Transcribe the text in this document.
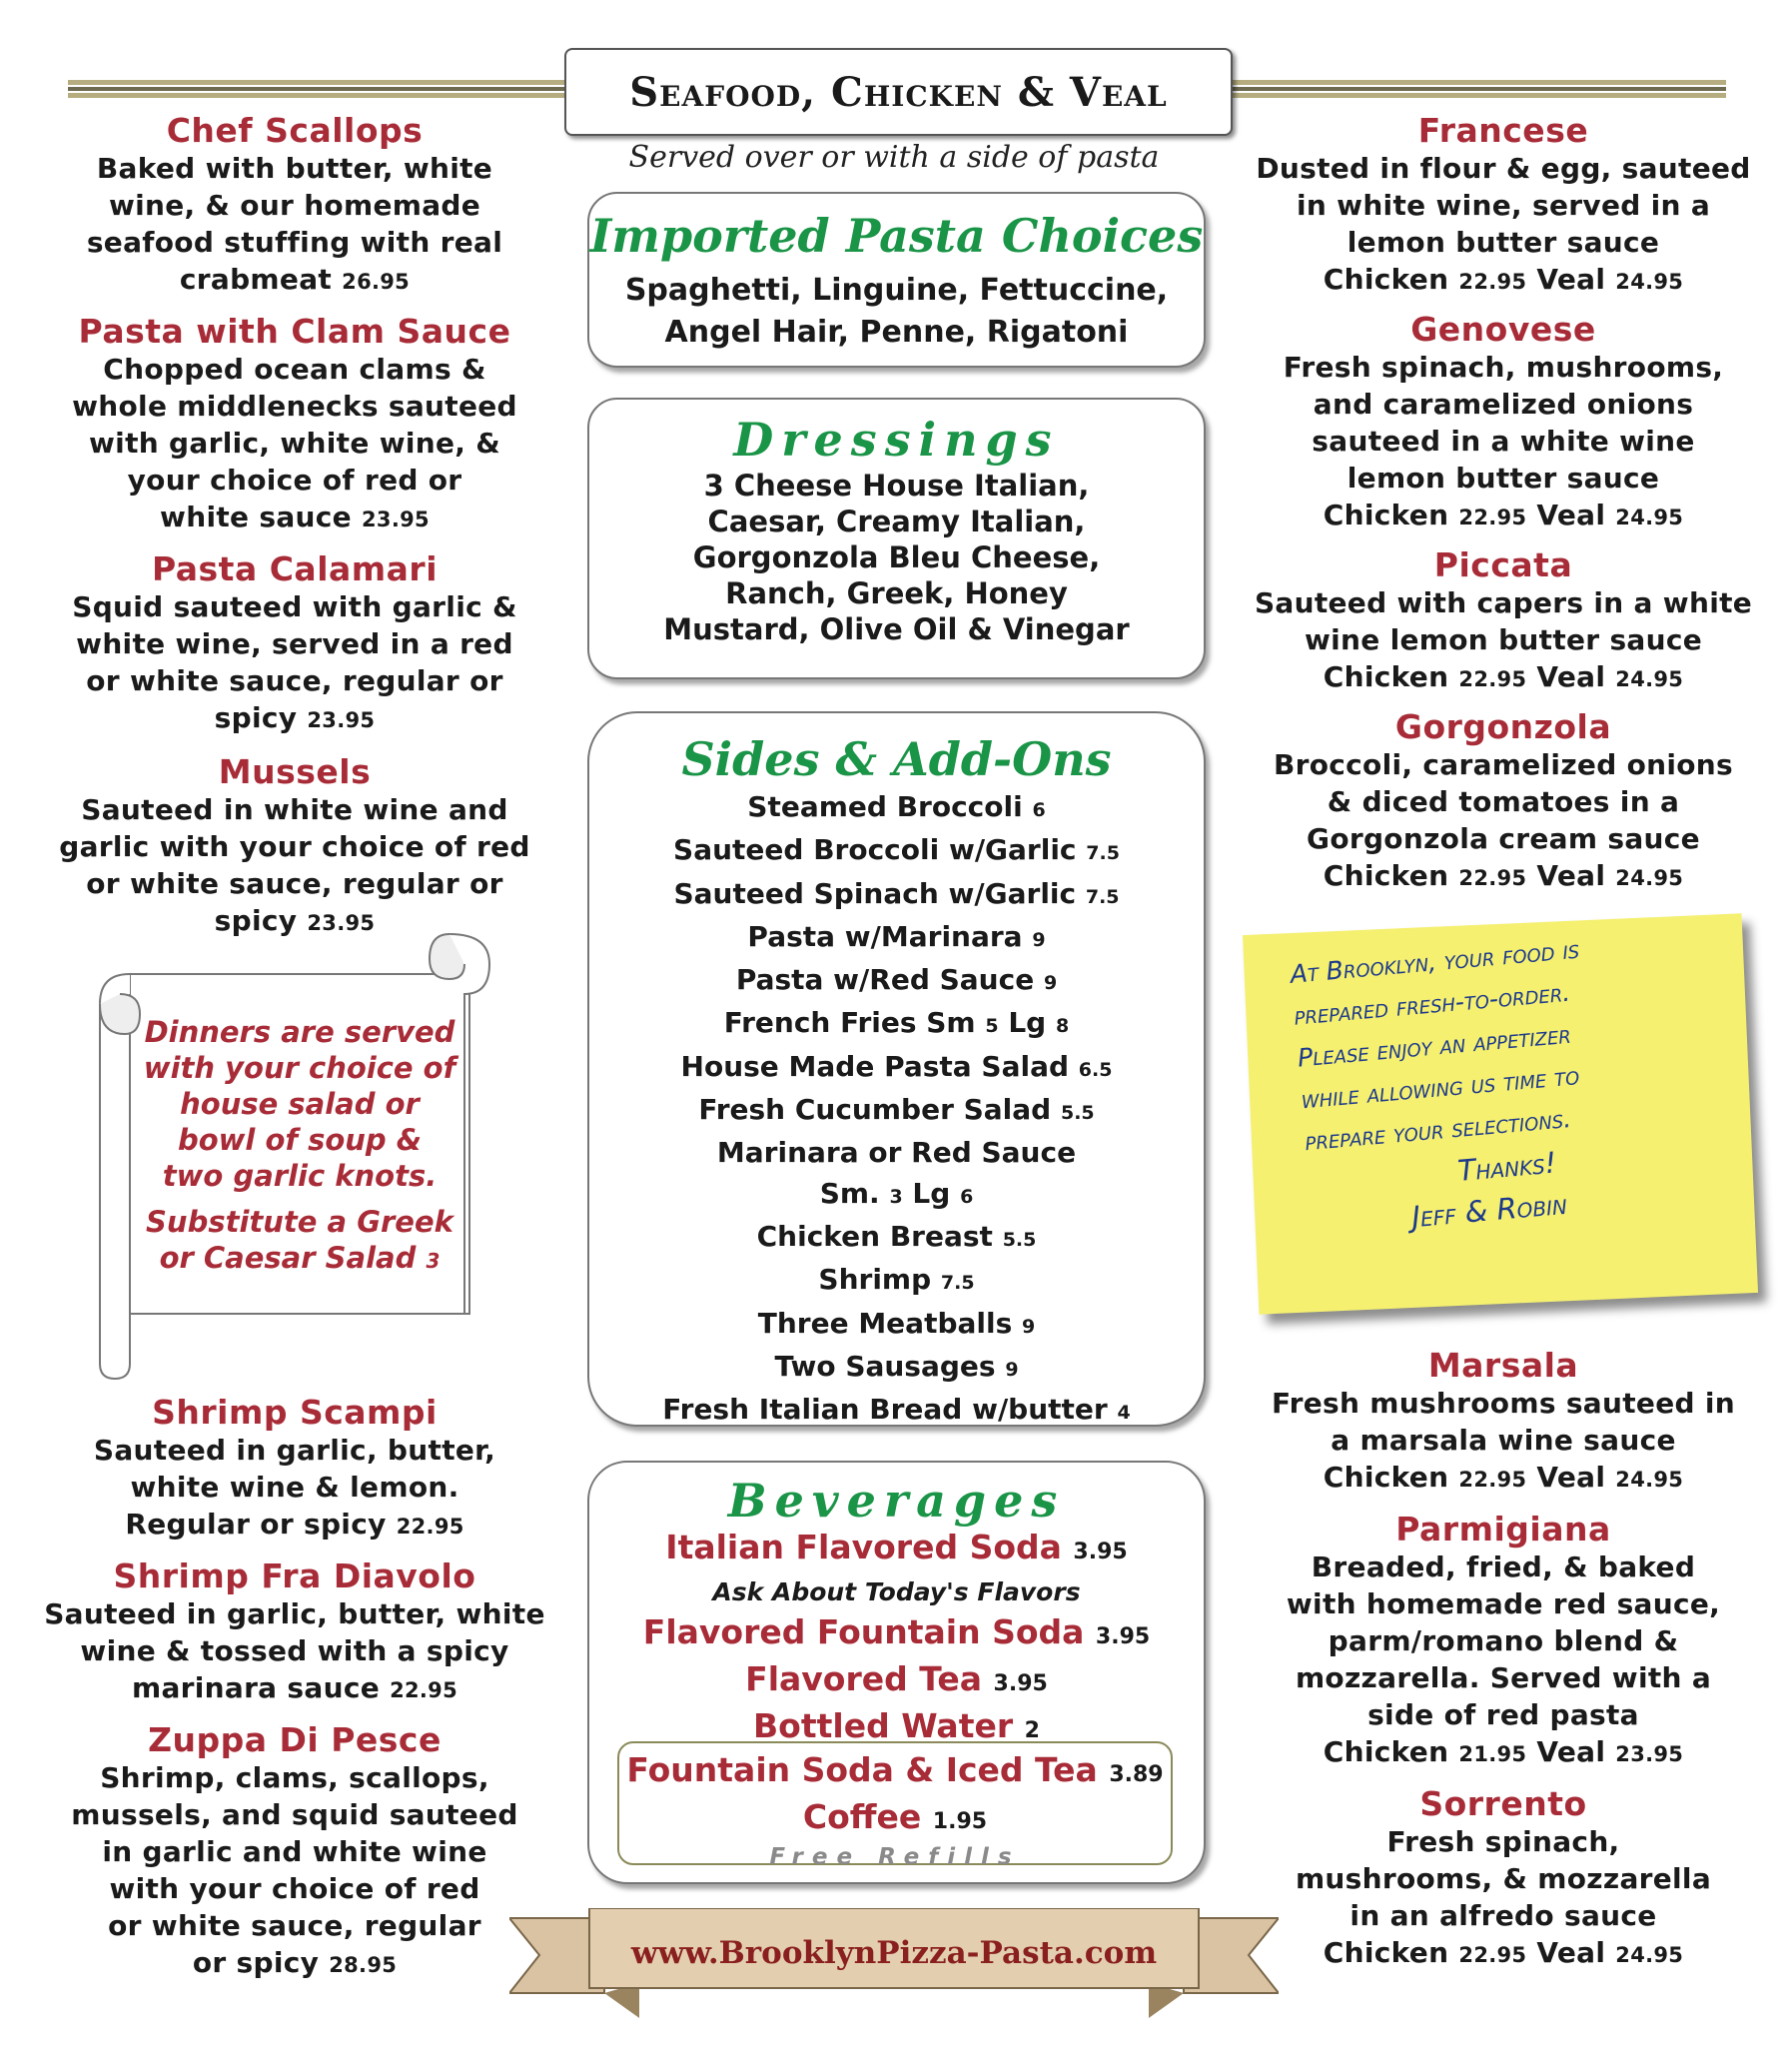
Seafood, Chicken & Veal
Chef Scallops
Baked with butter, white
wine, & our homemade
seafood stuffing with real
crabmeat 26.95
Pasta with Clam Sauce
Chopped ocean clams &
whole middlenecks sauteed
with garlic, white wine, &
your choice of red or
white sauce 23.95
Pasta Calamari
Squid sauteed with garlic &
white wine, served in a red
or white sauce, regular or
spicy 23.95
Mussels
Sauteed in white wine and
garlic with your choice of red
or white sauce, regular or
spicy 23.95
Dinners are served
with your choice of
house salad or
bowl of soup &
two garlic knots.
Substitute a Greek
or Caesar Salad 3
Shrimp Scampi
Sauteed in garlic, butter,
white wine & lemon.
Regular or spicy 22.95
Shrimp Fra Diavolo
Sauteed in garlic, butter, white
wine & tossed with a spicy
marinara sauce 22.95
Zuppa Di Pesce
Shrimp, clams, scallops,
mussels, and squid sauteed
in garlic and white wine
with your choice of red
or white sauce, regular
or spicy 28.95
Served over or with a side of pasta
Imported Pasta Choices
Spaghetti, Linguine, Fettuccine,
Angel Hair, Penne, Rigatoni
Dressings
3 Cheese House Italian,
Caesar, Creamy Italian,
Gorgonzola Bleu Cheese,
Ranch, Greek, Honey
Mustard, Olive Oil & Vinegar
Sides & Add-Ons
Steamed Broccoli 6
Sauteed Broccoli w/Garlic 7.5
Sauteed Spinach w/Garlic 7.5
Pasta w/Marinara 9
Pasta w/Red Sauce 9
French Fries Sm 5 Lg 8
House Made Pasta Salad 6.5
Fresh Cucumber Salad 5.5
Marinara or Red Sauce
Sm. 3 Lg 6
Chicken Breast 5.5
Shrimp 7.5
Three Meatballs 9
Two Sausages 9
Fresh Italian Bread w/butter 4
Beverages
Italian Flavored Soda 3.95
Ask About Today's Flavors
Flavored Fountain Soda 3.95
Flavored Tea 3.95
Bottled Water 2
Fountain Soda & Iced Tea 3.89
Coffee 1.95
Free Refills
www.BrooklynPizza-Pasta.com
Francese
Dusted in flour & egg, sauteed
in white wine, served in a
lemon butter sauce
Chicken 22.95 Veal 24.95
Genovese
Fresh spinach, mushrooms,
and caramelized onions
sauteed in a white wine
lemon butter sauce
Chicken 22.95 Veal 24.95
Piccata
Sauteed with capers in a white
wine lemon butter sauce
Chicken 22.95 Veal 24.95
Gorgonzola
Broccoli, caramelized onions
& diced tomatoes in a
Gorgonzola cream sauce
Chicken 22.95 Veal 24.95
At Brooklyn, your food is
prepared fresh-to-order.
Please enjoy an appetizer
while allowing us time to
prepare your selections.
Thanks!
Jeff & Robin
Marsala
Fresh mushrooms sauteed in
a marsala wine sauce
Chicken 22.95 Veal 24.95
Parmigiana
Breaded, fried, & baked
with homemade red sauce,
parm/romano blend &
mozzarella. Served with a
side of red pasta
Chicken 21.95 Veal 23.95
Sorrento
Fresh spinach,
mushrooms, & mozzarella
in an alfredo sauce
Chicken 22.95 Veal 24.95
